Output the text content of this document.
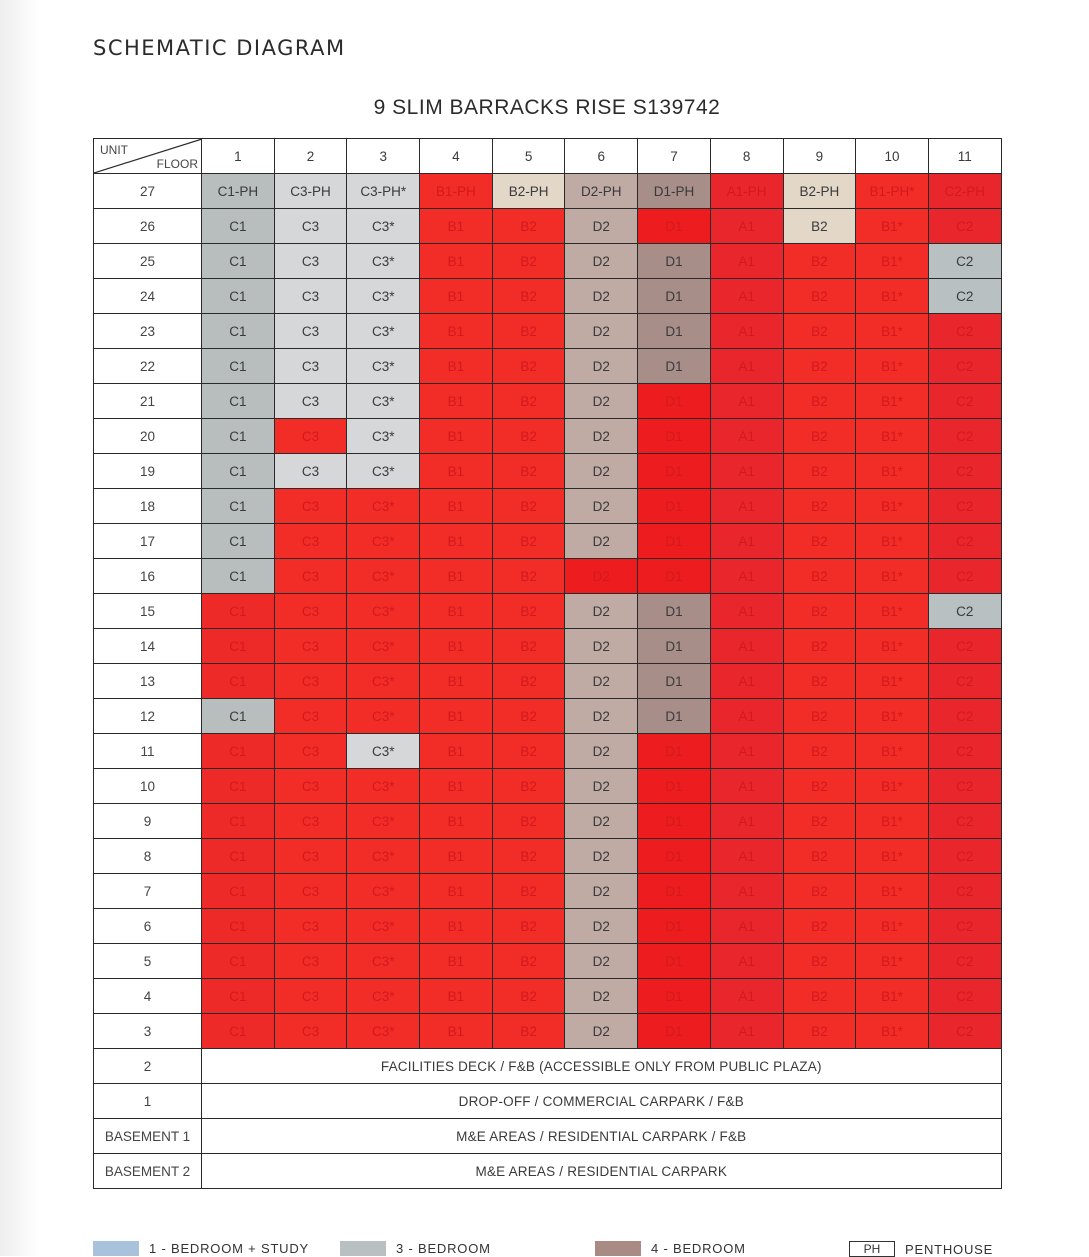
SCHEMATIC DIAGRAM
9 SLIM BARRACKS RISE S139742
UNIT
FLOOR	1	2	3	4	5	6	7	8	9	10	11
27	C1-PH	C3-PH	C3-PH*	B1-PH	B2-PH	D2-PH	D1-PH	A1-PH	B2-PH	B1-PH*	C2-PH
26	C1	C3	C3*	B1	B2	D2	D1	A1	B2	B1*	C2
25	C1	C3	C3*	B1	B2	D2	D1	A1	B2	B1*	C2
24	C1	C3	C3*	B1	B2	D2	D1	A1	B2	B1*	C2
23	C1	C3	C3*	B1	B2	D2	D1	A1	B2	B1*	C2
22	C1	C3	C3*	B1	B2	D2	D1	A1	B2	B1*	C2
21	C1	C3	C3*	B1	B2	D2	D1	A1	B2	B1*	C2
20	C1	C3	C3*	B1	B2	D2	D1	A1	B2	B1*	C2
19	C1	C3	C3*	B1	B2	D2	D1	A1	B2	B1*	C2
18	C1	C3	C3*	B1	B2	D2	D1	A1	B2	B1*	C2
17	C1	C3	C3*	B1	B2	D2	D1	A1	B2	B1*	C2
16	C1	C3	C3*	B1	B2	D2	D1	A1	B2	B1*	C2
15	C1	C3	C3*	B1	B2	D2	D1	A1	B2	B1*	C2
14	C1	C3	C3*	B1	B2	D2	D1	A1	B2	B1*	C2
13	C1	C3	C3*	B1	B2	D2	D1	A1	B2	B1*	C2
12	C1	C3	C3*	B1	B2	D2	D1	A1	B2	B1*	C2
11	C1	C3	C3*	B1	B2	D2	D1	A1	B2	B1*	C2
10	C1	C3	C3*	B1	B2	D2	D1	A1	B2	B1*	C2
9	C1	C3	C3*	B1	B2	D2	D1	A1	B2	B1*	C2
8	C1	C3	C3*	B1	B2	D2	D1	A1	B2	B1*	C2
7	C1	C3	C3*	B1	B2	D2	D1	A1	B2	B1*	C2
6	C1	C3	C3*	B1	B2	D2	D1	A1	B2	B1*	C2
5	C1	C3	C3*	B1	B2	D2	D1	A1	B2	B1*	C2
4	C1	C3	C3*	B1	B2	D2	D1	A1	B2	B1*	C2
3	C1	C3	C3*	B1	B2	D2	D1	A1	B2	B1*	C2
2	FACILITIES DECK / F&B (ACCESSIBLE ONLY FROM PUBLIC PLAZA)										
1	DROP-OFF / COMMERCIAL CARPARK / F&B										
BASEMENT 1	M&E AREAS / RESIDENTIAL CARPARK / F&B										
BASEMENT 2	M&E AREAS / RESIDENTIAL CARPARK										
1 - BEDROOM + STUDY	3 - BEDROOM	4 - BEDROOM	PH	PENTHOUSE
